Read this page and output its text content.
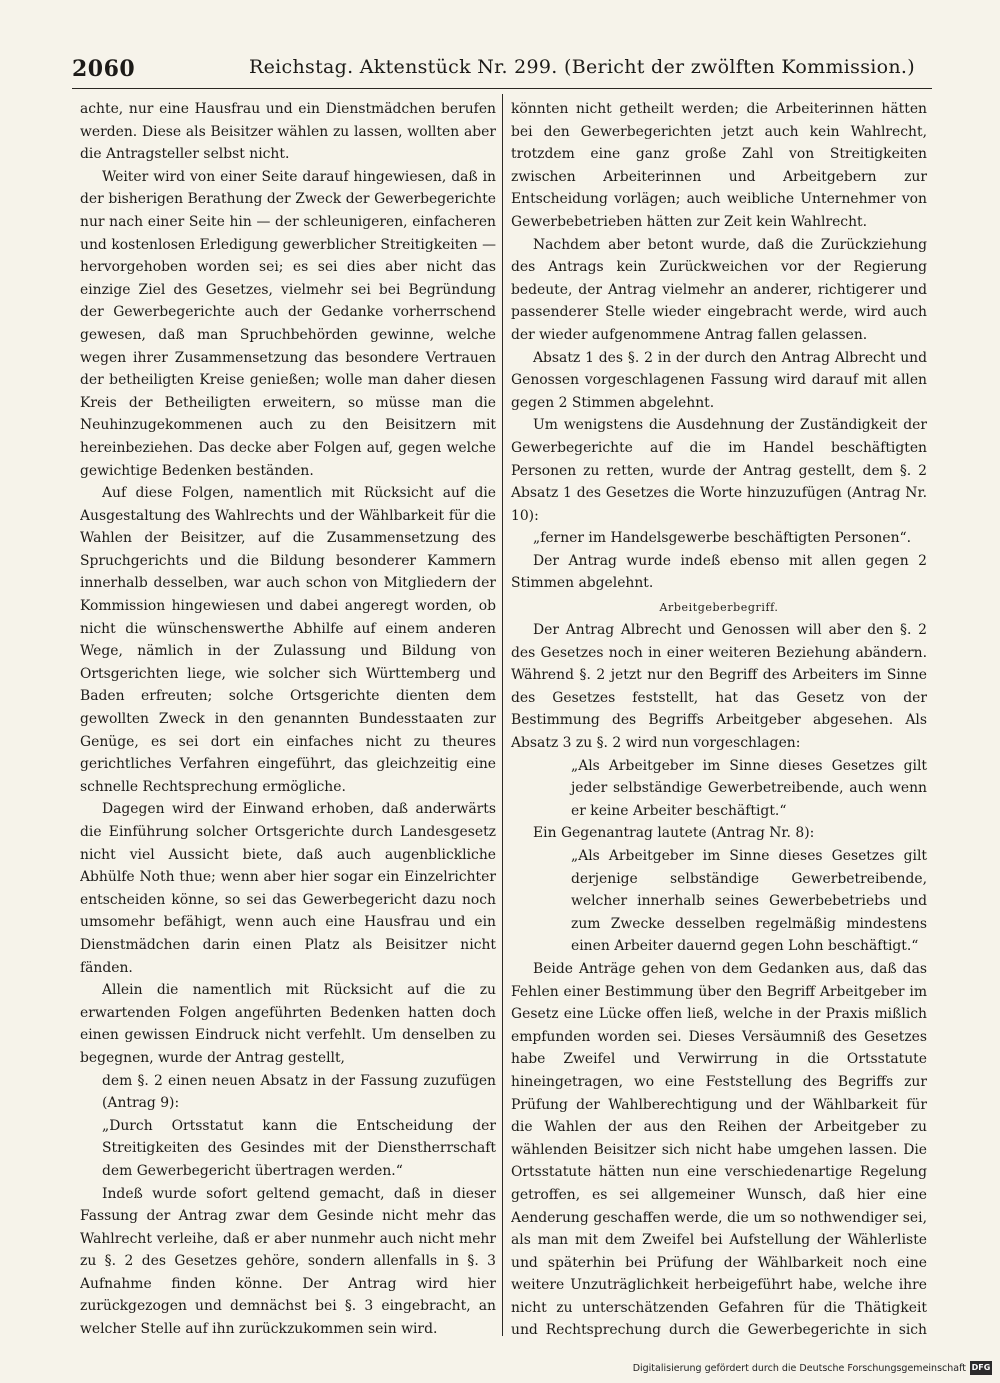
2060	Reichstag. Aktenstück Nr. 299. (Bericht der zwölften Kommission.)

achte, nur eine Hausfrau und ein Dienstmädchen berufen werden. Diese als Beisitzer wählen zu lassen, wollten aber die Antragsteller selbst nicht.

Weiter wird von einer Seite darauf hingewiesen, daß in der bisherigen Berathung der Zweck der Gewerbegerichte nur nach einer Seite hin — der schleunigeren, einfacheren und kostenlosen Erledigung gewerblicher Streitigkeiten — hervorgehoben worden sei; es sei dies aber nicht das einzige Ziel des Gesetzes, vielmehr sei bei Begründung der Gewerbegerichte auch der Gedanke vorherrschend gewesen, daß man Spruchbehörden gewinne, welche wegen ihrer Zusammensetzung das besondere Vertrauen der betheiligten Kreise genießen; wolle man daher diesen Kreis der Betheiligten erweitern, so müsse man die Neuhinzugekommenen auch zu den Beisitzern mit hereinbeziehen. Das decke aber Folgen auf, gegen welche gewichtige Bedenken beständen.

Auf diese Folgen, namentlich mit Rücksicht auf die Ausgestaltung des Wahlrechts und der Wählbarkeit für die Wahlen der Beisitzer, auf die Zusammensetzung des Spruchgerichts und die Bildung besonderer Kammern innerhalb desselben, war auch schon von Mitgliedern der Kommission hingewiesen und dabei angeregt worden, ob nicht die wünschenswerthe Abhilfe auf einem anderen Wege, nämlich in der Zulassung und Bildung von Ortsgerichten liege, wie solcher sich Württemberg und Baden erfreuten; solche Ortsgerichte dienten dem gewollten Zweck in den genannten Bundesstaaten zur Genüge, es sei dort ein einfaches nicht zu theures gerichtliches Verfahren eingeführt, das gleichzeitig eine schnelle Rechtsprechung ermögliche.

Dagegen wird der Einwand erhoben, daß anderwärts die Einführung solcher Ortsgerichte durch Landesgesetz nicht viel Aussicht biete, daß auch augenblickliche Abhülfe Noth thue; wenn aber hier sogar ein Einzelrichter entscheiden könne, so sei das Gewerbegericht dazu noch umsomehr befähigt, wenn auch eine Hausfrau und ein Dienstmädchen darin einen Platz als Beisitzer nicht fänden.

Allein die namentlich mit Rücksicht auf die zu erwartenden Folgen angeführten Bedenken hatten doch einen gewissen Eindruck nicht verfehlt. Um denselben zu begegnen, wurde der Antrag gestellt,

dem §. 2 einen neuen Absatz in der Fassung zuzufügen (Antrag 9):

„Durch Ortsstatut kann die Entscheidung der Streitigkeiten des Gesindes mit der Dienstherrschaft dem Gewerbegericht übertragen werden.“

Indeß wurde sofort geltend gemacht, daß in dieser Fassung der Antrag zwar dem Gesinde nicht mehr das Wahlrecht verleihe, daß er aber nunmehr auch nicht mehr zu §. 2 des Gesetzes gehöre, sondern allenfalls in §. 3 Aufnahme finden könne. Der Antrag wird hier zurückgezogen und demnächst bei §. 3 eingebracht, an welcher Stelle auf ihn zurückzukommen sein wird.

könnten nicht getheilt werden; die Arbeiterinnen hätten bei den Gewerbegerichten jetzt auch kein Wahlrecht, trotzdem eine ganz große Zahl von Streitigkeiten zwischen Arbeiterinnen und Arbeitgebern zur Entscheidung vorlägen; auch weibliche Unternehmer von Gewerbebetrieben hätten zur Zeit kein Wahlrecht.

Nachdem aber betont wurde, daß die Zurückziehung des Antrags kein Zurückweichen vor der Regierung bedeute, der Antrag vielmehr an anderer, richtigerer und passenderer Stelle wieder eingebracht werde, wird auch der wieder aufgenommene Antrag fallen gelassen.

Absatz 1 des §. 2 in der durch den Antrag Albrecht und Genossen vorgeschlagenen Fassung wird darauf mit allen gegen 2 Stimmen abgelehnt.

Um wenigstens die Ausdehnung der Zuständigkeit der Gewerbegerichte auf die im Handel beschäftigten Personen zu retten, wurde der Antrag gestellt, dem §. 2 Absatz 1 des Gesetzes die Worte hinzuzufügen (Antrag Nr. 10):

„ferner im Handelsgewerbe beschäftigten Personen“.

Der Antrag wurde indeß ebenso mit allen gegen 2 Stimmen abgelehnt.

Arbeitgeberbegriff.

Der Antrag Albrecht und Genossen will aber den §. 2 des Gesetzes noch in einer weiteren Beziehung abändern. Während §. 2 jetzt nur den Begriff des Arbeiters im Sinne des Gesetzes feststellt, hat das Gesetz von der Bestimmung des Begriffs Arbeitgeber abgesehen. Als Absatz 3 zu §. 2 wird nun vorgeschlagen:

„Als Arbeitgeber im Sinne dieses Gesetzes gilt jeder selbständige Gewerbetreibende, auch wenn er keine Arbeiter beschäftigt.“

Ein Gegenantrag lautete (Antrag Nr. 8):

„Als Arbeitgeber im Sinne dieses Gesetzes gilt derjenige selbständige Gewerbetreibende, welcher innerhalb seines Gewerbebetriebs und zum Zwecke desselben regelmäßig mindestens einen Arbeiter dauernd gegen Lohn beschäftigt.“

Beide Anträge gehen von dem Gedanken aus, daß das Fehlen einer Bestimmung über den Begriff Arbeitgeber im Gesetz eine Lücke offen ließ, welche in der Praxis mißlich empfunden worden sei. Dieses Versäumniß des Gesetzes habe Zweifel und Verwirrung in die Ortsstatute hineingetragen, wo eine Feststellung des Begriffs zur Prüfung der Wahlberechtigung und der Wählbarkeit für die Wahlen der aus den Reihen der Arbeitgeber zu wählenden Beisitzer sich nicht habe umgehen lassen. Die Ortsstatute hätten nun eine verschiedenartige Regelung getroffen, es sei allgemeiner Wunsch, daß hier eine Aenderung geschaffen werde, die um so nothwendiger sei, als man mit dem Zweifel bei Aufstellung der Wählerliste und späterhin bei Prüfung der Wählbarkeit noch eine weitere Unzuträglichkeit herbeigeführt habe, welche ihre nicht zu unterschätzenden Gefahren für die Thätigkeit und Rechtsprechung durch die Gewerbegerichte in sich

Digitalisierung gefördert durch die Deutsche Forschungsgemeinschaft DFG
